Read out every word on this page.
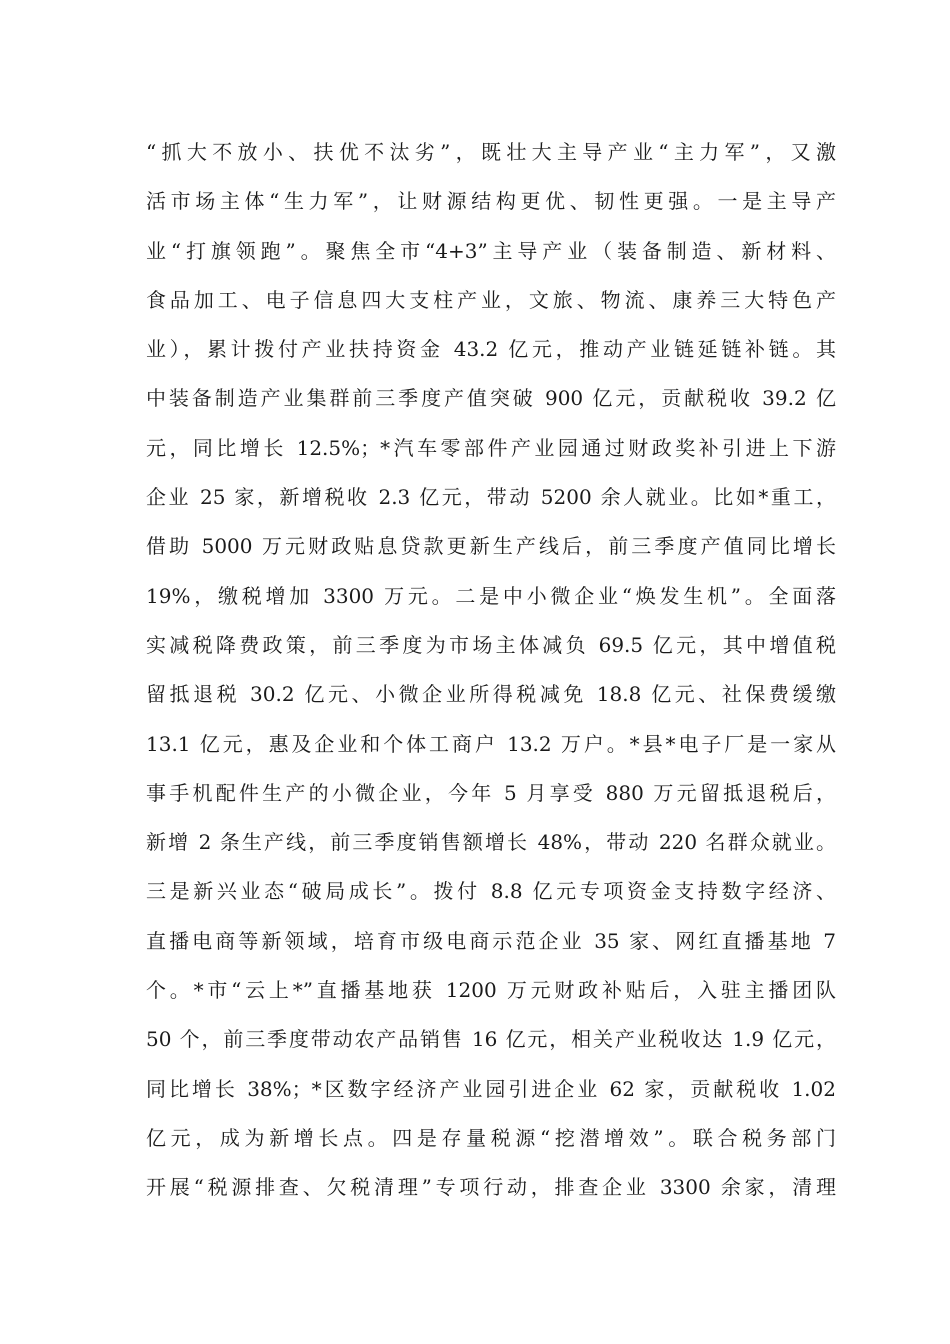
“抓大不放小、扶优不汰劣”，既壮大主导产业“主力军”，又激
活市场主体“生力军”，让财源结构更优、韧性更强。一是主导产
业“打旗领跑”。聚焦全市“4+3”主导产业（装备制造、新材料、
食品加工、电子信息四大支柱产业，文旅、物流、康养三大特色产
业），累计拨付产业扶持资金 43.2 亿元，推动产业链延链补链。其
中装备制造产业集群前三季度产值突破 900 亿元，贡献税收 39.2 亿
元，同比增长 12.5%；*汽车零部件产业园通过财政奖补引进上下游
企业 25 家，新增税收 2.3 亿元，带动 5200 余人就业。比如*重工，
借助 5000 万元财政贴息贷款更新生产线后，前三季度产值同比增长
19%，缴税增加 3300 万元。二是中小微企业“焕发生机”。全面落
实减税降费政策，前三季度为市场主体减负 69.5 亿元，其中增值税
留抵退税 30.2 亿元、小微企业所得税减免 18.8 亿元、社保费缓缴
13.1 亿元，惠及企业和个体工商户 13.2 万户。*县*电子厂是一家从
事手机配件生产的小微企业，今年 5 月享受 880 万元留抵退税后，
新增 2 条生产线，前三季度销售额增长 48%，带动 220 名群众就业。
三是新兴业态“破局成长”。拨付 8.8 亿元专项资金支持数字经济、
直播电商等新领域，培育市级电商示范企业 35 家、网红直播基地 7
个。*市“云上*”直播基地获 1200 万元财政补贴后，入驻主播团队
50 个，前三季度带动农产品销售 16 亿元，相关产业税收达 1.9 亿元，
同比增长 38%；*区数字经济产业园引进企业 62 家，贡献税收 1.02
亿元，成为新增长点。四是存量税源“挖潜增效”。联合税务部门
开展“税源排查、欠税清理”专项行动，排查企业 3300 余家，清理
